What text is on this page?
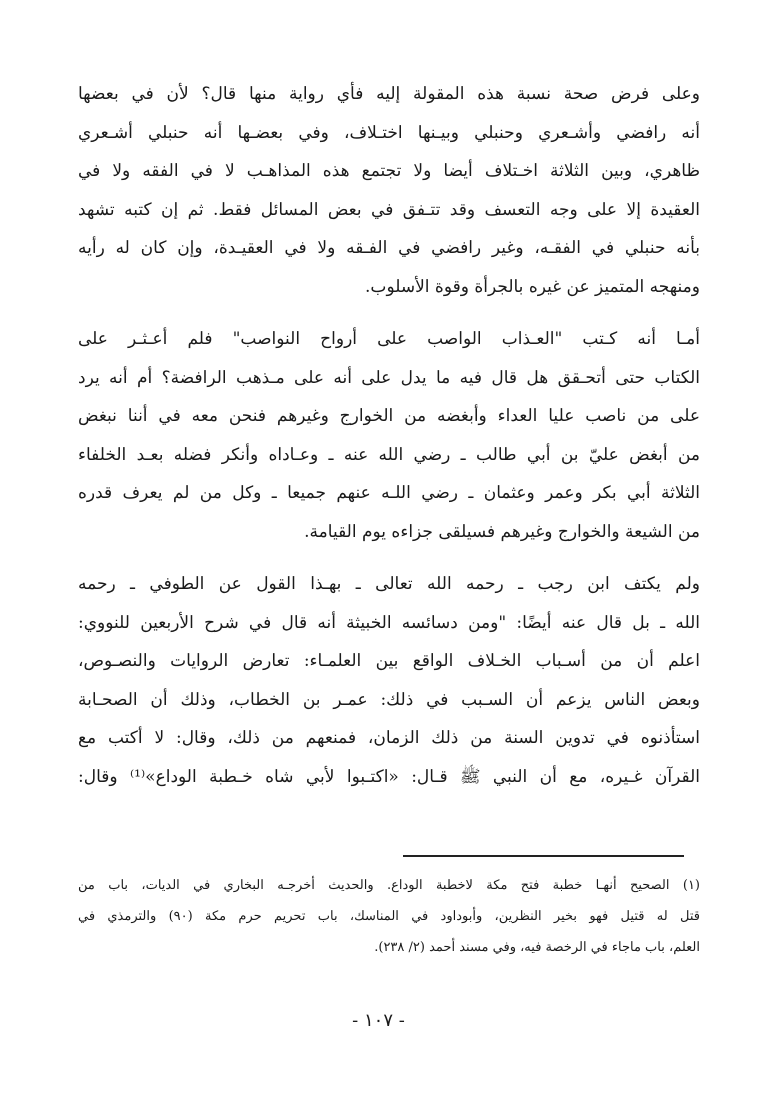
وعلى فرض صحة نسبة هذه المقولة إليه فأي رواية منها قال؟ لأن في بعضها
أنه رافضي وأشـعري وحنبلي وبيـنها اختـلاف، وفي بعضـها أنه حنبلي أشـعري
ظاهري، وبين الثلاثة اخـتلاف أيضا ولا تجتمع هذه المذاهـب لا في الفقه ولا في
العقيدة إلا على وجه التعسف وقد تتـفق في بعض المسائل فقط. ثم إن كتبه تشهد
بأنه حنبلي في الفقـه، وغير رافضي في الفـقه ولا في العقيـدة، وإن كان له رأيه
ومنهجه المتميز عن غيره بالجرأة وقوة الأسلوب.
أمـا أنه كـتب "العـذاب الواصب على أرواح النواصب" فلم أعـثـر على
الكتاب حتى أتحـقق هل قال فيه ما يدل على أنه على مـذهب الرافضة؟ أم أنه يرد
على من ناصب عليا العداء وأبغضه من الخوارج وغيرهم فنحن معه في أننا نبغض
من أبغض عليّ بن أبي طالب ـ رضي الله عنه ـ وعـاداه وأنكر فضله بعـد الخلفاء
الثلاثة أبي بكر وعمر وعثمان ـ رضي اللـه عنهم جميعا ـ وكل من لم يعرف قدره
من الشيعة والخوارج وغيرهم فسيلقى جزاءه يوم القيامة.
ولم يكتف ابن رجب ـ رحمه الله تعالى ـ بهـذا القول عن الطوفي ـ رحمه
الله ـ بل قال عنه أيضًا: "ومن دسائسه الخبيثة أنه قال في شرح الأربعين للنووي:
اعلم أن من أسـباب الخـلاف الواقع بين العلمـاء: تعارض الروايات والنصـوص،
وبعض الناس يزعم أن السـبب في ذلك: عمـر بن الخطاب، وذلك أن الصحـابة
استأذنوه في تدوين السنة من ذلك الزمان، فمنعهم من ذلك، وقال: لا أكتب مع
القرآن غـيره، مع أن النبي ﷺ قـال: «اكتـبوا لأبي شاه خـطبة الوداع»⁽¹⁾ وقال:
(١) الصحيح أنهـا خطبة فتح مكة لاخطبة الوداع. والحديث أخرجـه البخاري في الديات، باب من
قتل له قتيل فهو بخير النظرين، وأبوداود في المناسك، باب تحريم حرم مكة (٩٠) والترمذي في
العلم، باب ماجاء في الرخصة فيه، وفي مسند أحمد (٢/ ٢٣٨).
- ١٠٧ -
